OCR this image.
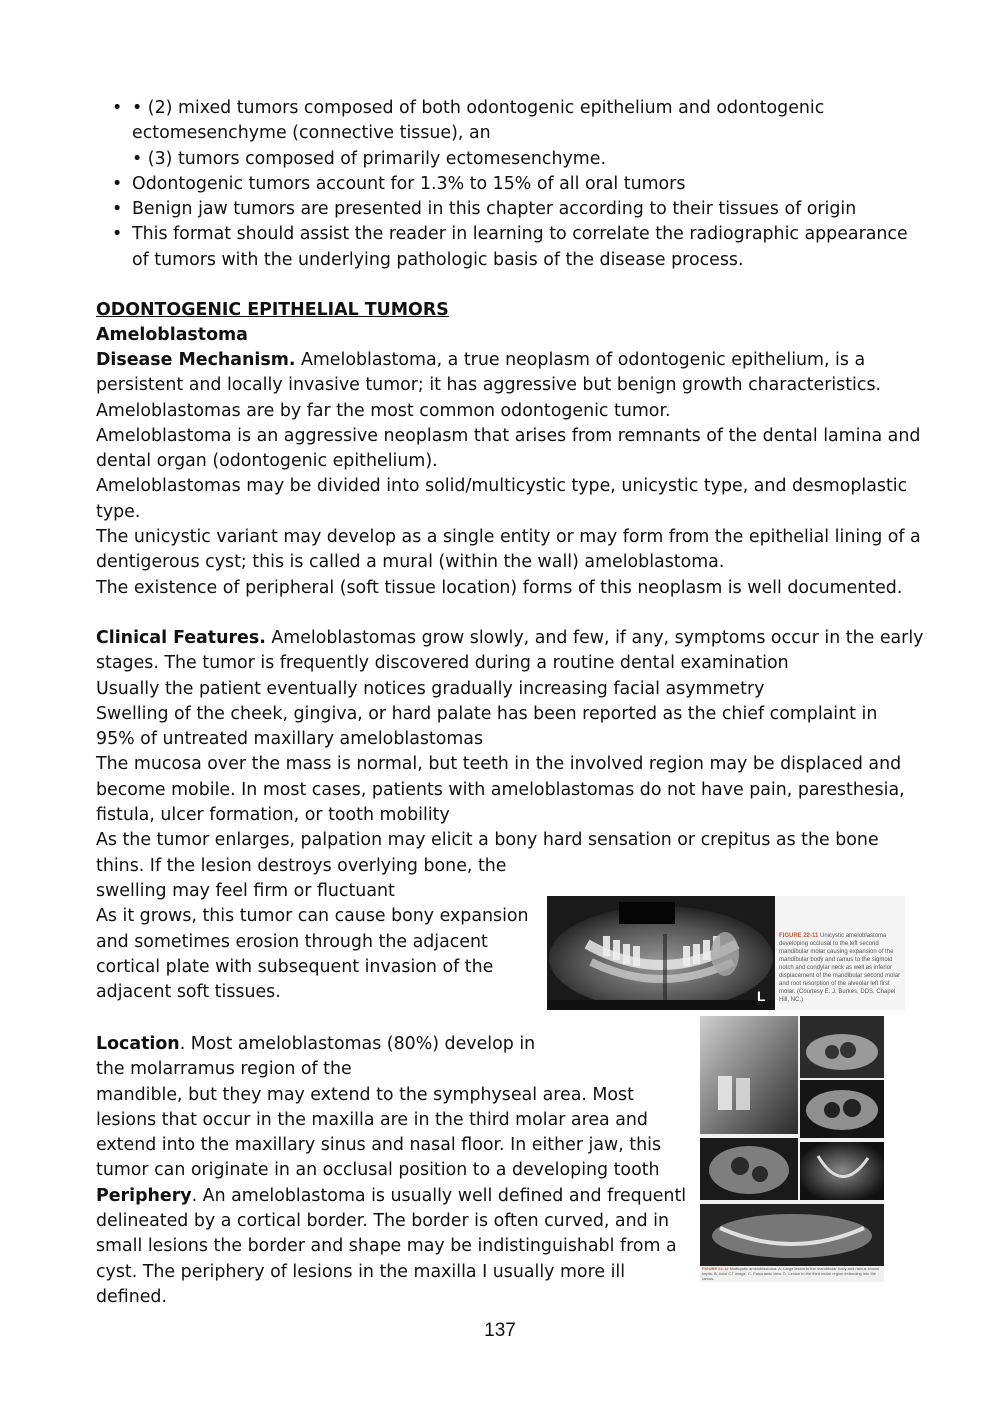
• • (2) mixed tumors composed of both odontogenic epithelium and odontogenic
ectomesenchyme (connective tissue), an
• (3) tumors composed of primarily ectomesenchyme.
• Odontogenic tumors account for 1.3% to 15% of all oral tumors
• Benign jaw tumors are presented in this chapter according to their tissues of origin
• This format should assist the reader in learning to correlate the radiographic appearance
of tumors with the underlying pathologic basis of the disease process.
ODONTOGENIC EPITHELIAL TUMORS
Ameloblastoma
Disease Mechanism. Ameloblastoma, a true neoplasm of odontogenic epithelium, is a
persistent and locally invasive tumor; it has aggressive but benign growth characteristics.
Ameloblastomas are by far the most common odontogenic tumor.
Ameloblastoma is an aggressive neoplasm that arises from remnants of the dental lamina and
dental organ (odontogenic epithelium).
Ameloblastomas may be divided into solid/multicystic type, unicystic type, and desmoplastic
type.
The unicystic variant may develop as a single entity or may form from the epithelial lining of a
dentigerous cyst; this is called a mural (within the wall) ameloblastoma.
The existence of peripheral (soft tissue location) forms of this neoplasm is well documented.
Clinical Features. Ameloblastomas grow slowly, and few, if any, symptoms occur in the early
stages. The tumor is frequently discovered during a routine dental examination
Usually the patient eventually notices gradually increasing facial asymmetry
Swelling of the cheek, gingiva, or hard palate has been reported as the chief complaint in
95% of untreated maxillary ameloblastomas
The mucosa over the mass is normal, but teeth in the involved region may be displaced and
become mobile. In most cases, patients with ameloblastomas do not have pain, paresthesia,
fistula, ulcer formation, or tooth mobility
As the tumor enlarges, palpation may elicit a bony hard sensation or crepitus as the bone
thins. If the lesion destroys overlying bone, the
swelling may feel firm or fluctuant
As it grows, this tumor can cause bony expansion
and sometimes erosion through the adjacent
cortical plate with subsequent invasion of the
adjacent soft tissues.
Location. Most ameloblastomas (80%) develop in
the molarramus region of the
mandible, but they may extend to the symphyseal area. Most
lesions that occur in the maxilla are in the third molar area and
extend into the maxillary sinus and nasal floor. In either jaw, this
tumor can originate in an occlusal position to a developing tooth
Periphery. An ameloblastoma is usually well defined and frequentl
delineated by a cortical border. The border is often curved, and in
small lesions the border and shape may be indistinguishabl from a
cyst. The periphery of lesions in the maxilla I usually more ill
defined.
L
FIGURE 22-11 Unicystic ameloblastoma developing occlusal to the left second mandibular molar causing expansion of the mandibular body and ramus to the sigmoid notch and condylar neck as well as inferior displacement of the mandibular second molar and root resorption of the alveolar left first molar. (Courtesy E. J. Burkes, DDS, Chapel Hill, NC.)
FIGURE 22-12 Multicystic ameloblastoma. A, Large lesion in the mandibular body and ramus shows septa. B, Axial CT image. C, Panoramic view. D, Lesion in the third molar region extending into the ramus.
137
